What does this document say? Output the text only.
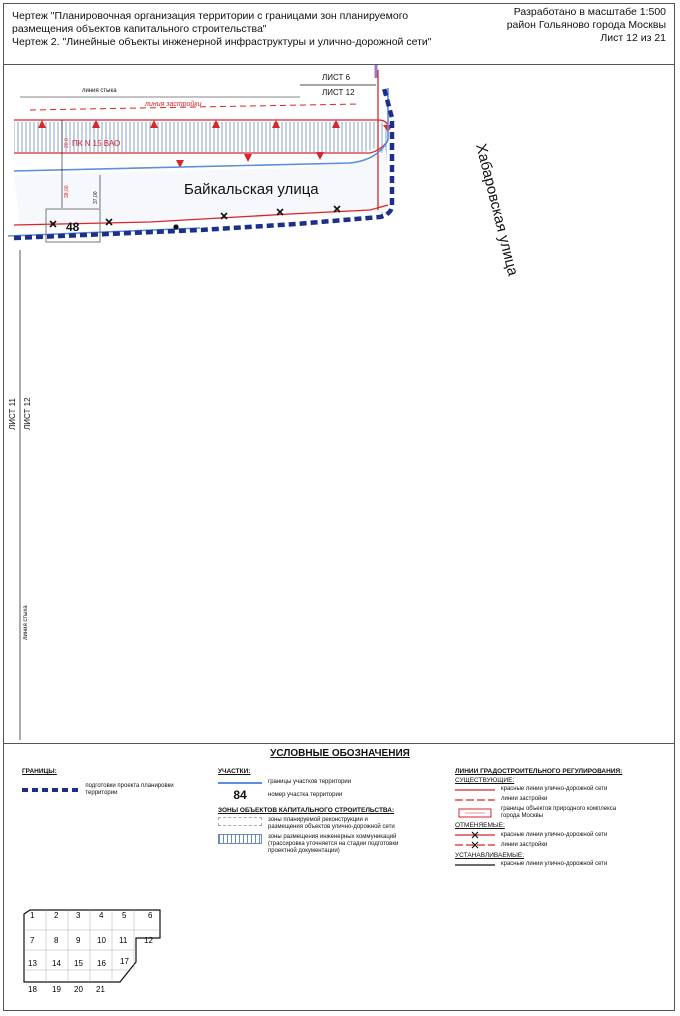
Чертеж "Планировочная организация территории с границами зон планируемого
размещения объектов капитального строительства"
Чертеж 2. "Линейные объекты инженерной инфраструктуры и улично-дорожной сети"
Разработано в масштабе 1:500
район Гольяново города Москвы
Лист 12 из 21
20,0
38,00	37,00
48
ЛИСТ 6
ЛИСТ 12
линия стыка
линия застройки
ПК N 15 ВАО
Байкальская улица	Хабаровская улица
ЛИСТ 11 ЛИСТ 12
линия стыка
УСЛОВНЫЕ ОБОЗНАЧЕНИЯ
ГРАНИЦЫ:
подготовки проекта планировки территории
УЧАСТКИ:
границы участков территории
84	номер участка территории
ЗОНЫ ОБЪЕКТОВ КАПИТАЛЬНОГО СТРОИТЕЛЬСТВА:
зоны планируемой реконструкции и размещения объектов улично-дорожной сети
зоны размещения инженерных коммуникаций (трассировка уточняется на стадии подготовки проектной документации)
ЛИНИИ ГРАДОСТРОИТЕЛЬНОГО РЕГУЛИРОВАНИЯ:
СУЩЕСТВУЮЩИЕ:
красные линии улично-дорожной сети
линии застройки
границы объектов природного комплекса города Москвы
ОТМЕНЯЕМЫЕ:
красные линии улично-дорожной сети
линии застройки
УСТАНАВЛИВАЕМЫЕ:
красные линии улично-дорожной сети
1 2 3 4 5	6
7 8 9 10 11 12
13 14 15 16 17
18 19 20 21
